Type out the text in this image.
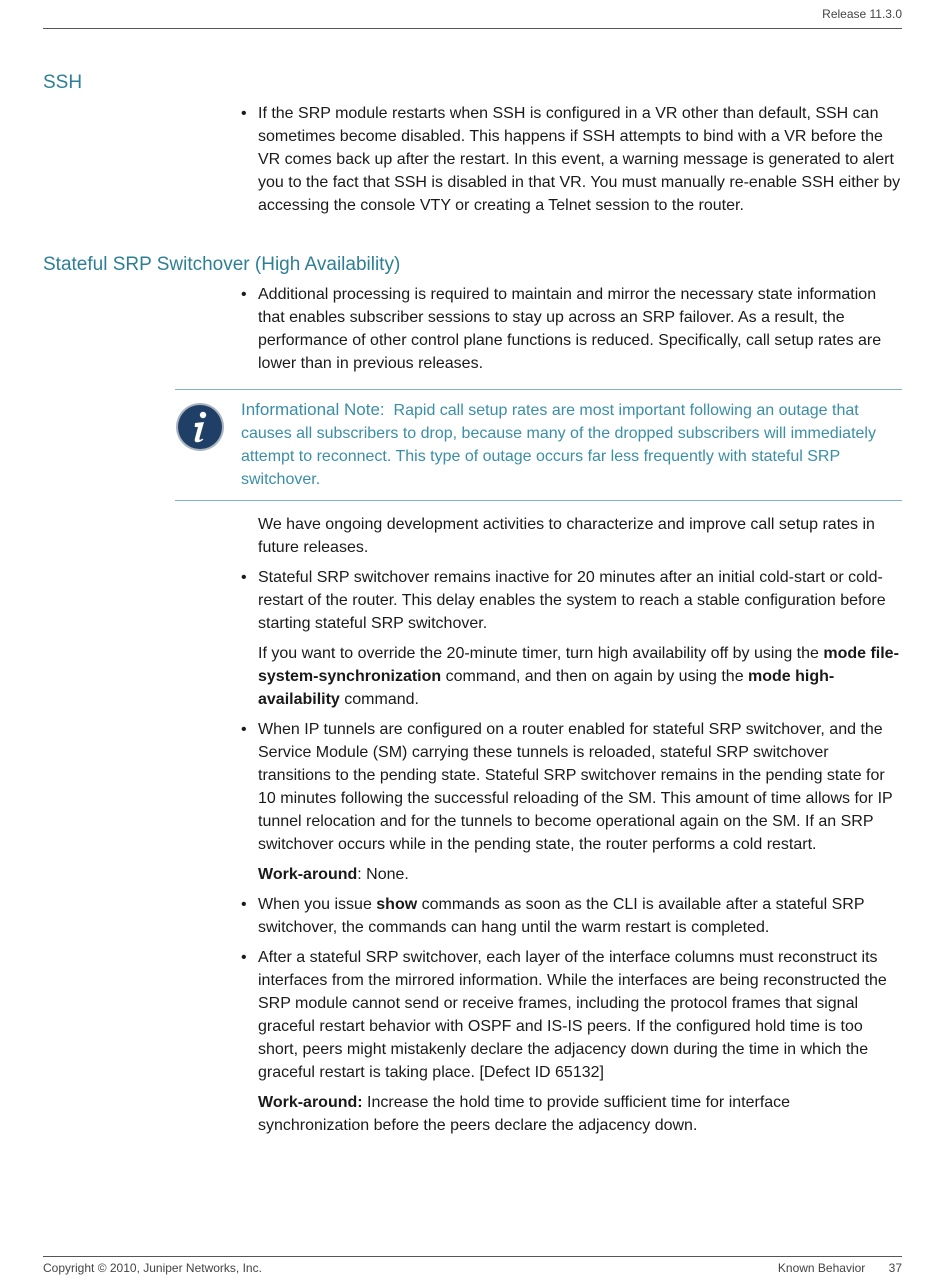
Release 11.3.0
SSH

• If the SRP module restarts when SSH is configured in a VR other than default, SSH can sometimes become disabled. This happens if SSH attempts to bind with a VR before the VR comes back up after the restart. In this event, a warning message is generated to alert you to the fact that SSH is disabled in that VR. You must manually re-enable SSH either by accessing the console VTY or creating a Telnet session to the router.

Stateful SRP Switchover (High Availability)

• Additional processing is required to maintain and mirror the necessary state information that enables subscriber sessions to stay up across an SRP failover. As a result, the performance of other control plane functions is reduced. Specifically, call setup rates are lower than in previous releases.

Informational Note: Rapid call setup rates are most important following an outage that causes all subscribers to drop, because many of the dropped subscribers will immediately attempt to reconnect. This type of outage occurs far less frequently with stateful SRP switchover.

We have ongoing development activities to characterize and improve call setup rates in future releases.

• Stateful SRP switchover remains inactive for 20 minutes after an initial cold-start or cold-restart of the router. This delay enables the system to reach a stable configuration before starting stateful SRP switchover.

If you want to override the 20-minute timer, turn high availability off by using the mode file-system-synchronization command, and then on again by using the mode high-availability command.

• When IP tunnels are configured on a router enabled for stateful SRP switchover, and the Service Module (SM) carrying these tunnels is reloaded, stateful SRP switchover transitions to the pending state. Stateful SRP switchover remains in the pending state for 10 minutes following the successful reloading of the SM. This amount of time allows for IP tunnel relocation and for the tunnels to become operational again on the SM. If an SRP switchover occurs while in the pending state, the router performs a cold restart.

Work-around: None.

• When you issue show commands as soon as the CLI is available after a stateful SRP switchover, the commands can hang until the warm restart is completed.

• After a stateful SRP switchover, each layer of the interface columns must reconstruct its interfaces from the mirrored information. While the interfaces are being reconstructed the SRP module cannot send or receive frames, including the protocol frames that signal graceful restart behavior with OSPF and IS-IS peers. If the configured hold time is too short, peers might mistakenly declare the adjacency down during the time in which the graceful restart is taking place. [Defect ID 65132]

Work-around: Increase the hold time to provide sufficient time for interface synchronization before the peers declare the adjacency down.

Copyright © 2010, Juniper Networks, Inc.	Known Behavior 37
